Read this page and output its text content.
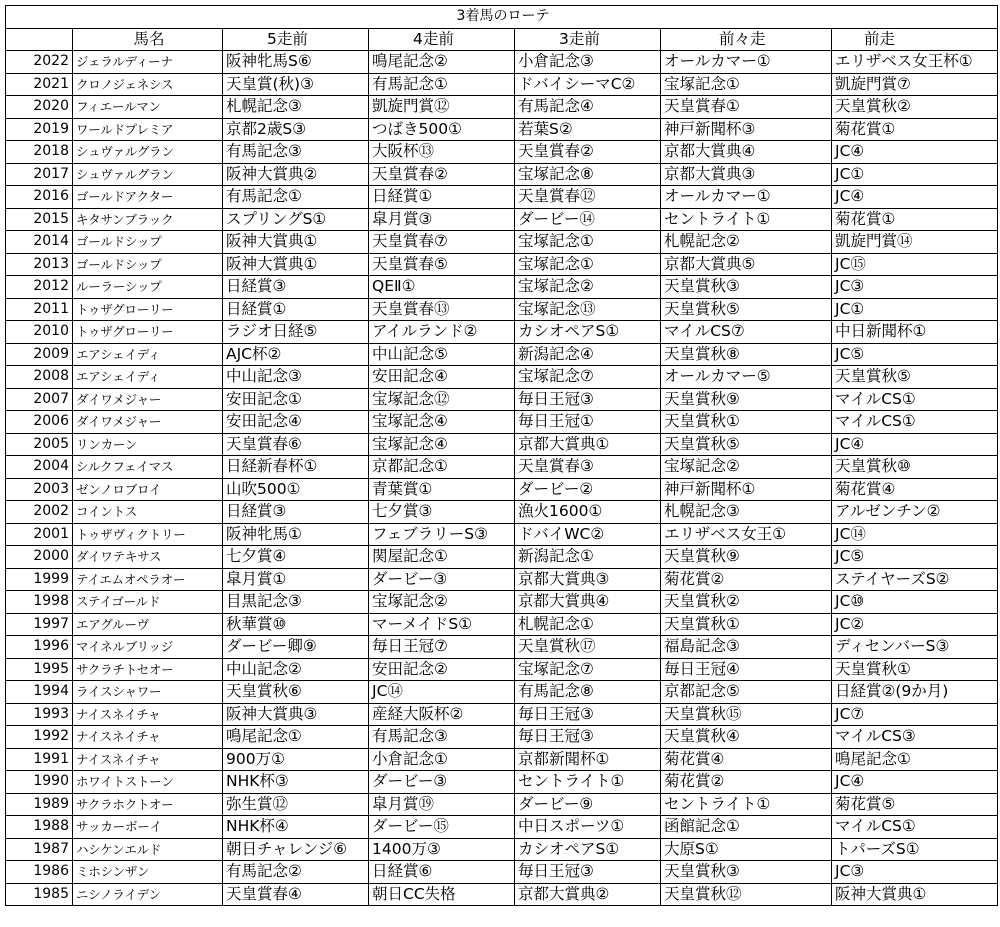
3着馬のローテ						
	馬名	5走前	4走前	3走前	前々走	前走
2022	ジェラルディーナ	阪神牝馬S⑥	鳴尾記念②	小倉記念③	オールカマー①	エリザベス女王杯①
2021	クロノジェネシス	天皇賞(秋)③	有馬記念①	ドバイシーマC②	宝塚記念①	凱旋門賞⑦
2020	フィエールマン	札幌記念③	凱旋門賞⑫	有馬記念④	天皇賞春①	天皇賞秋②
2019	ワールドプレミア	京都2歳S③	つばき500①	若葉S②	神戸新聞杯③	菊花賞①
2018	シュヴァルグラン	有馬記念③	大阪杯⑬	天皇賞春②	京都大賞典④	JC④
2017	シュヴァルグラン	阪神大賞典②	天皇賞春②	宝塚記念⑧	京都大賞典③	JC①
2016	ゴールドアクター	有馬記念①	日経賞①	天皇賞春⑫	オールカマー①	JC④
2015	キタサンブラック	スプリングS①	皐月賞③	ダービー⑭	セントライト①	菊花賞①
2014	ゴールドシップ	阪神大賞典①	天皇賞春⑦	宝塚記念①	札幌記念②	凱旋門賞⑭
2013	ゴールドシップ	阪神大賞典①	天皇賞春⑤	宝塚記念①	京都大賞典⑤	JC⑮
2012	ルーラーシップ	日経賞③	QEⅡ①	宝塚記念②	天皇賞秋③	JC③
2011	トゥザグローリー	日経賞①	天皇賞春⑬	宝塚記念⑬	天皇賞秋⑤	JC①
2010	トゥザグローリー	ラジオ日経⑤	アイルランド②	カシオペアS①	マイルCS⑦	中日新聞杯①
2009	エアシェイディ	AJC杯②	中山記念⑤	新潟記念④	天皇賞秋⑧	JC⑤
2008	エアシェイディ	中山記念③	安田記念④	宝塚記念⑦	オールカマー⑤	天皇賞秋⑤
2007	ダイワメジャー	安田記念①	宝塚記念⑫	毎日王冠③	天皇賞秋⑨	マイルCS①
2006	ダイワメジャー	安田記念④	宝塚記念④	毎日王冠①	天皇賞秋①	マイルCS①
2005	リンカーン	天皇賞春⑥	宝塚記念④	京都大賞典①	天皇賞秋⑤	JC④
2004	シルクフェイマス	日経新春杯①	京都記念①	天皇賞春③	宝塚記念②	天皇賞秋⑩
2003	ゼンノロブロイ	山吹500①	青葉賞①	ダービー②	神戸新聞杯①	菊花賞④
2002	コイントス	日経賞③	七夕賞③	漁火1600①	札幌記念③	アルゼンチン②
2001	トゥザヴィクトリー	阪神牝馬①	フェブラリーS③	ドバイWC②	エリザベス女王①	JC⑭
2000	ダイワテキサス	七夕賞④	関屋記念①	新潟記念①	天皇賞秋⑨	JC⑤
1999	テイエムオペラオー	皐月賞①	ダービー③	京都大賞典③	菊花賞②	ステイヤーズS②
1998	ステイゴールド	目黒記念③	宝塚記念②	京都大賞典④	天皇賞秋②	JC⑩
1997	エアグルーヴ	秋華賞⑩	マーメイドS①	札幌記念①	天皇賞秋①	JC②
1996	マイネルブリッジ	ダービー卿⑨	毎日王冠⑦	天皇賞秋⑰	福島記念③	ディセンバーS③
1995	サクラチトセオー	中山記念②	安田記念②	宝塚記念⑦	毎日王冠④	天皇賞秋①
1994	ライスシャワー	天皇賞秋⑥	JC⑭	有馬記念⑧	京都記念⑤	日経賞②(9か月)
1993	ナイスネイチャ	阪神大賞典③	産経大阪杯②	毎日王冠③	天皇賞秋⑮	JC⑦
1992	ナイスネイチャ	鳴尾記念①	有馬記念③	毎日王冠③	天皇賞秋④	マイルCS③
1991	ナイスネイチャ	900万①	小倉記念①	京都新聞杯①	菊花賞④	鳴尾記念①
1990	ホワイトストーン	NHK杯③	ダービー③	セントライト①	菊花賞②	JC④
1989	サクラホクトオー	弥生賞⑫	皐月賞⑲	ダービー⑨	セントライト①	菊花賞⑤
1988	サッカーボーイ	NHK杯④	ダービー⑮	中日スポーツ①	函館記念①	マイルCS①
1987	ハシケンエルド	朝日チャレンジ⑥	1400万③	カシオペアS①	大原S①	トパーズS①
1986	ミホシンザン	有馬記念②	日経賞⑥	毎日王冠③	天皇賞秋③	JC③
1985	ニシノライデン	天皇賞春④	朝日CC失格	京都大賞典②	天皇賞秋⑫	阪神大賞典①
